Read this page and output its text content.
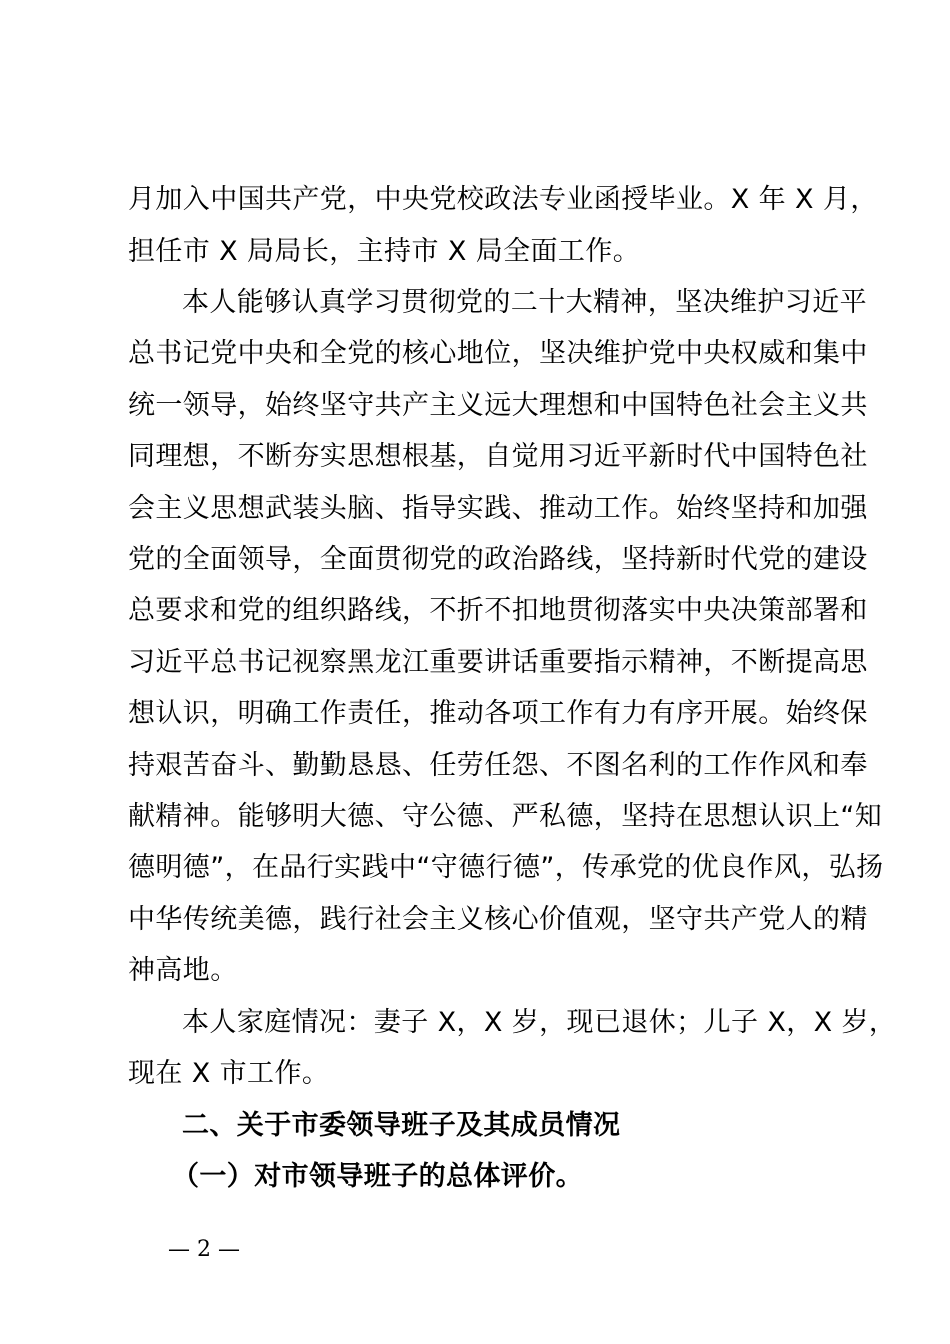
月加入中国共产党，中央党校政法专业函授毕业。X 年 X 月，
担任市 X 局局长，主持市 X 局全面工作。
本人能够认真学习贯彻党的二十大精神，坚决维护习近平
总书记党中央和全党的核心地位，坚决维护党中央权威和集中
统一领导，始终坚守共产主义远大理想和中国特色社会主义共
同理想，不断夯实思想根基，自觉用习近平新时代中国特色社
会主义思想武装头脑、指导实践、推动工作。始终坚持和加强
党的全面领导，全面贯彻党的政治路线，坚持新时代党的建设
总要求和党的组织路线，不折不扣地贯彻落实中央决策部署和
习近平总书记视察黑龙江重要讲话重要指示精神，不断提高思
想认识，明确工作责任，推动各项工作有力有序开展。始终保
持艰苦奋斗、勤勤恳恳、任劳任怨、不图名利的工作作风和奉
献精神。能够明大德、守公德、严私德，坚持在思想认识上“知
德明德”，在品行实践中“守德行德”，传承党的优良作风，弘扬
中华传统美德，践行社会主义核心价值观，坚守共产党人的精
神高地。
本人家庭情况：妻子 X，X 岁，现已退休；儿子 X，X 岁，
现在 X 市工作。
二、关于市委领导班子及其成员情况
（一）对市领导班子的总体评价。
— 2 —
